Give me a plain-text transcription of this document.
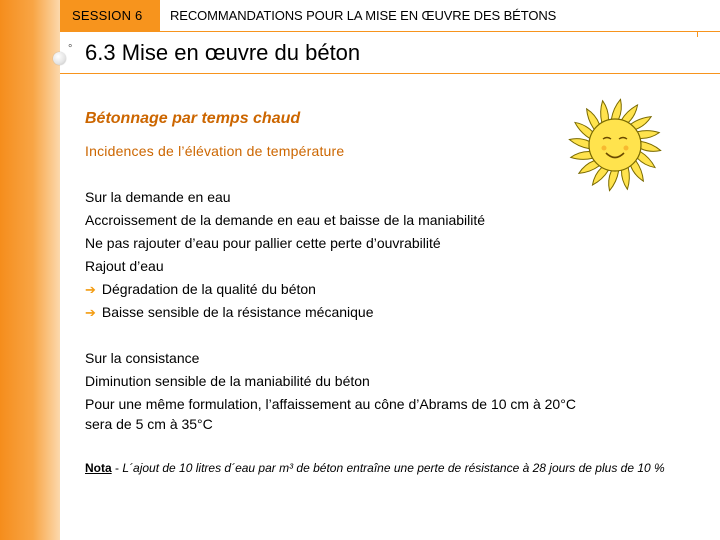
SESSION 6 RECOMMANDATIONS POUR LA MISE EN ŒUVRE DES BÉTONS
° 6.3 Mise en œuvre du béton
Bétonnage par temps chaud
Incidences de l’élévation de température
Sur la demande en eau
Accroissement de la demande en eau et baisse de la maniabilité
Ne pas rajouter d’eau pour pallier cette perte d’ouvrabilité
Rajout d’eau
➔ Dégradation de la qualité du béton
➔ Baisse sensible de la résistance mécanique
Sur la consistance
Diminution sensible de la maniabilité du béton
Pour une même formulation, l’affaissement au cône d’Abrams de 10 cm à 20°C
sera de 5 cm à 35°C
Nota - L´ajout de 10 litres d´eau par m³ de béton entraîne une perte de résistance à 28 jours de plus de 10 %
